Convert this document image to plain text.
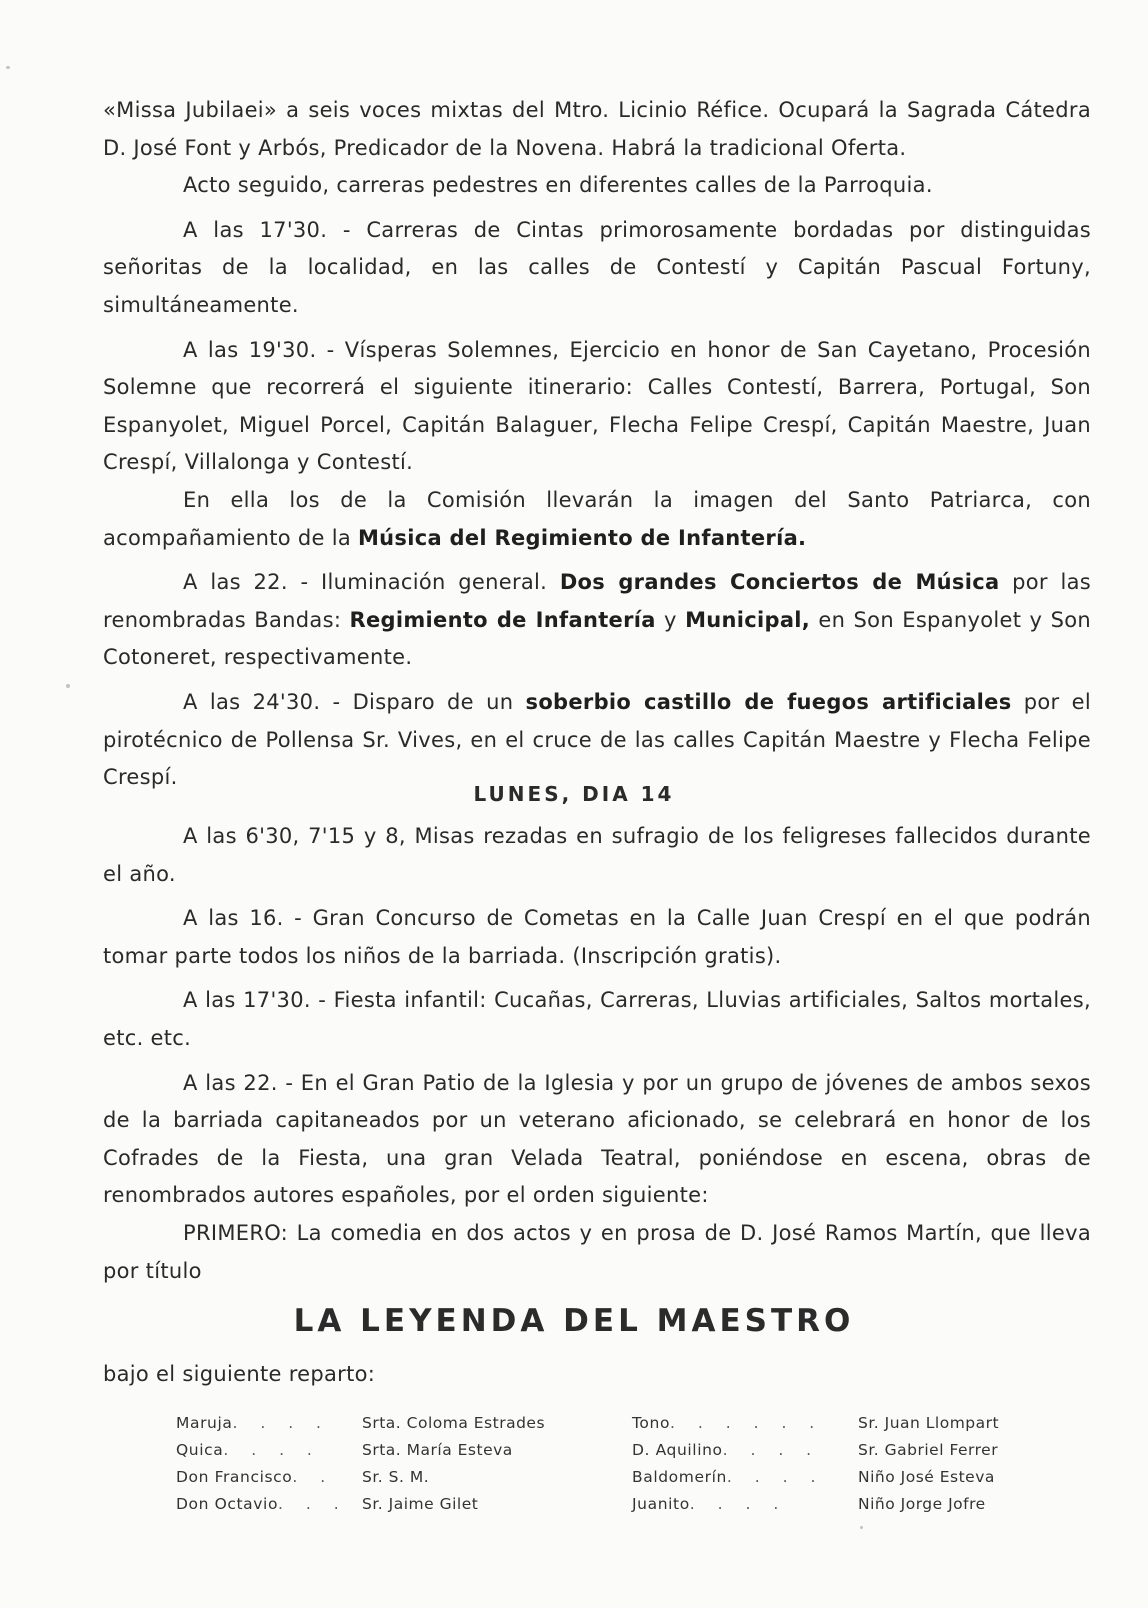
«Missa Jubilaei» a seis voces mixtas del Mtro. Licinio Réfice. Ocupará la Sagrada Cátedra D. José Font y Arbós, Predicador de la Novena. Habrá la tradicional Oferta.

Acto seguido, carreras pedestres en diferentes calles de la Parroquia.

A las 17'30. - Carreras de Cintas primorosamente bordadas por distinguidas señoritas de la localidad, en las calles de Contestí y Capitán Pascual Fortuny, simultáneamente.

A las 19'30. - Vísperas Solemnes, Ejercicio en honor de San Cayetano, Procesión Solemne que recorrerá el siguiente itinerario: Calles Contestí, Barrera, Portugal, Son Espanyolet, Miguel Porcel, Capitán Balaguer, Flecha Felipe Crespí, Capitán Maestre, Juan Crespí, Villalonga y Contestí.

En ella los de la Comisión llevarán la imagen del Santo Patriarca, con acompañamiento de la Música del Regimiento de Infantería.

A las 22. - Iluminación general. Dos grandes Conciertos de Música por las renombradas Bandas: Regimiento de Infantería y Municipal, en Son Espanyolet y Son Cotoneret, respectivamente.

A las 24'30. - Disparo de un soberbio castillo de fuegos artificiales por el pirotécnico de Pollensa Sr. Vives, en el cruce de las calles Capitán Maestre y Flecha Felipe Crespí.

LUNES, DIA 14

A las 6'30, 7'15 y 8, Misas rezadas en sufragio de los feligreses fallecidos durante el año.

A las 16. - Gran Concurso de Cometas en la Calle Juan Crespí en el que podrán tomar parte todos los niños de la barriada. (Inscripción gratis).

A las 17'30. - Fiesta infantil: Cucañas, Carreras, Lluvias artificiales, Saltos mortales, etc. etc.

A las 22. - En el Gran Patio de la Iglesia y por un grupo de jóvenes de ambos sexos de la barriada capitaneados por un veterano aficionado, se celebrará en honor de los Cofrades de la Fiesta, una gran Velada Teatral, poniéndose en escena, obras de renombrados autores españoles, por el orden siguiente:

PRIMERO: La comedia en dos actos y en prosa de D. José Ramos Martín, que lleva por título

LA LEYENDA DEL MAESTRO
bajo el siguiente reparto:
Maruja. . . .
Quica. . . .
Don Francisco. .
Don Octavio. . .
Srta. Coloma Estrades
Srta. María Esteva
Sr. S. M.
Sr. Jaime Gilet
Tono. . . . . .
D. Aquilino. . . .
Baldomerín. . . .
Juanito. . . .
Sr. Juan Llompart
Sr. Gabriel Ferrer
Niño José Esteva
Niño Jorge Jofre
